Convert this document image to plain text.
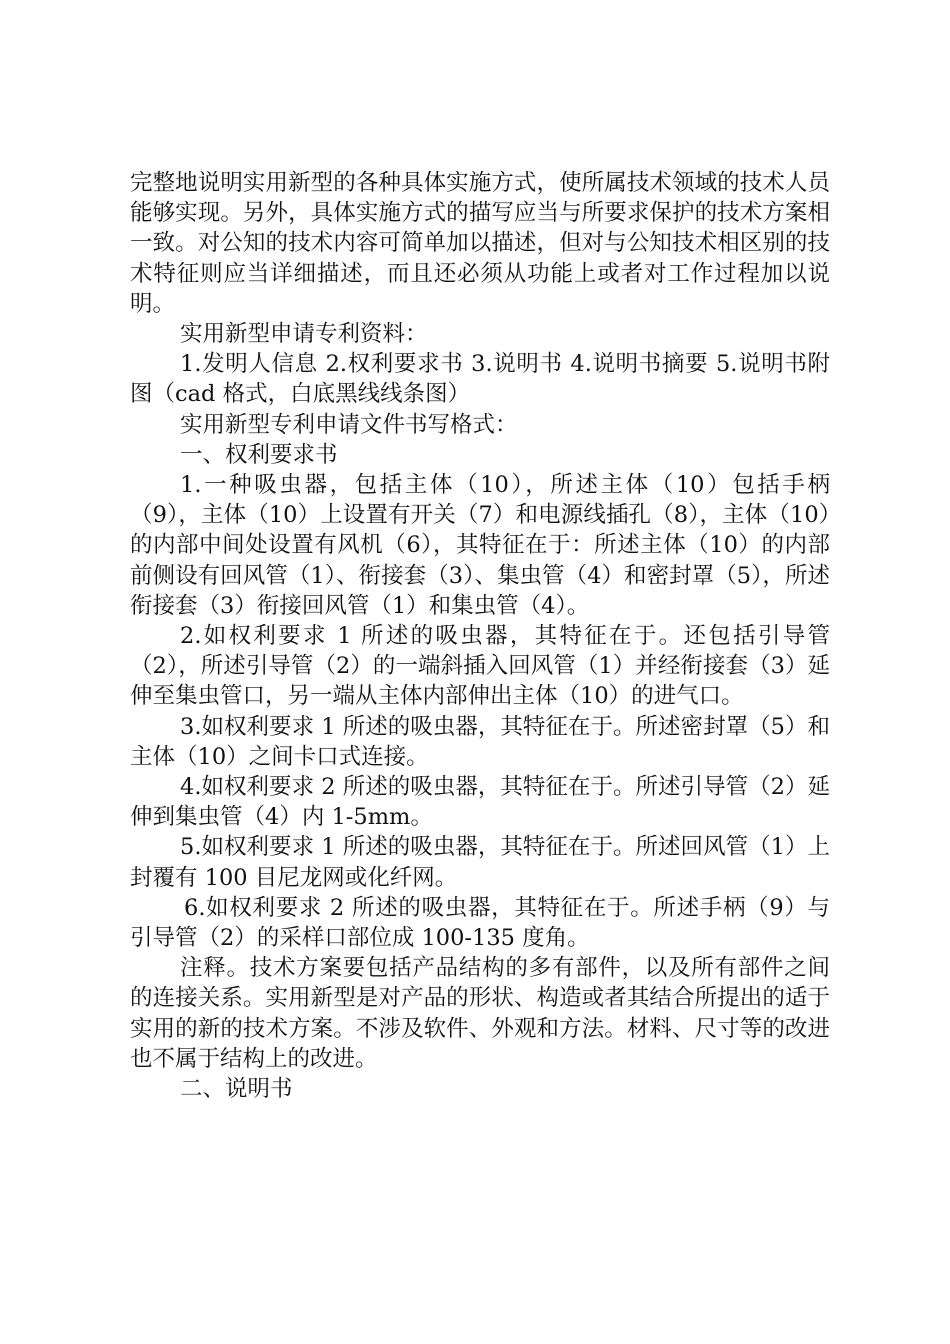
完整地说明实用新型的各种具体实施方式，使所属技术领域的技术人员能够实现。另外，具体实施方式的描写应当与所要求保护的技术方案相一致。对公知的技术内容可简单加以描述，但对与公知技术相区别的技术特征则应当详细描述，而且还必须从功能上或者对工作过程加以说明。

实用新型申请专利资料：

1.发明人信息 2.权利要求书 3.说明书 4.说明书摘要 5.说明书附图（cad 格式，白底黑线线条图）

实用新型专利申请文件书写格式：

一、权利要求书

1.一种吸虫器，包括主体（10），所述主体（10）包括手柄（9），主体（10）上设置有开关（7）和电源线插孔（8），主体（10）的内部中间处设置有风机（6），其特征在于：所述主体（10）的内部前侧设有回风管（1）、衔接套（3）、集虫管（4）和密封罩（5），所述衔接套（3）衔接回风管（1）和集虫管（4）。

2.如权利要求 1 所述的吸虫器，其特征在于。还包括引导管（2），所述引导管（2）的一端斜插入回风管（1）并经衔接套（3）延伸至集虫管口，另一端从主体内部伸出主体（10）的进气口。

3.如权利要求 1 所述的吸虫器，其特征在于。所述密封罩（5）和主体（10）之间卡口式连接。

4.如权利要求 2 所述的吸虫器，其特征在于。所述引导管（2）延伸到集虫管（4）内 1-5mm。

5.如权利要求 1 所述的吸虫器，其特征在于。所述回风管（1）上封覆有 100 目尼龙网或化纤网。

6.如权利要求 2 所述的吸虫器，其特征在于。所述手柄（9）与引导管（2）的采样口部位成 100-135 度角。

注释。技术方案要包括产品结构的多有部件，以及所有部件之间的连接关系。实用新型是对产品的形状、构造或者其结合所提出的适于实用的新的技术方案。不涉及软件、外观和方法。材料、尺寸等的改进也不属于结构上的改进。

二、说明书
